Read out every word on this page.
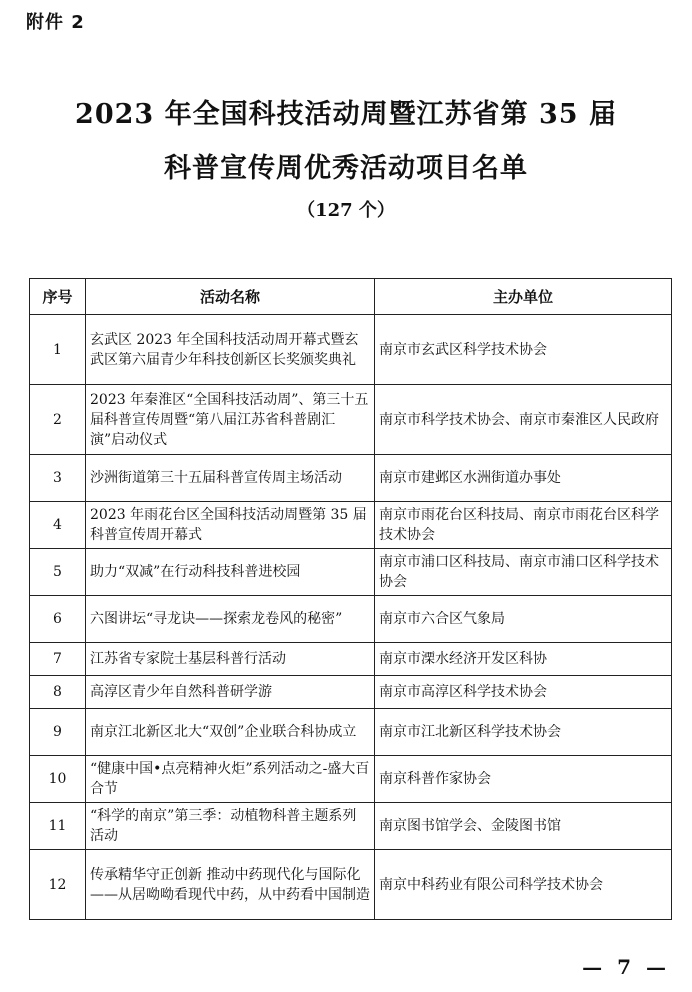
附件 2
2023 年全国科技活动周暨江苏省第 35 届
科普宣传周优秀活动项目名单
（127 个）
序号	活动名称	主办单位
1	玄武区 2023 年全国科技活动周开幕式暨玄武区第六届青少年科技创新区长奖颁奖典礼	南京市玄武区科学技术协会
2	2023 年秦淮区“全国科技活动周”、第三十五届科普宣传周暨“第八届江苏省科普剧汇演”启动仪式	南京市科学技术协会、南京市秦淮区人民政府
3	沙洲街道第三十五届科普宣传周主场活动	南京市建邺区水洲街道办事处
4	2023 年雨花台区全国科技活动周暨第 35 届科普宣传周开幕式	南京市雨花台区科技局、南京市雨花台区科学技术协会
5	助力“双减”在行动科技科普进校园	南京市浦口区科技局、南京市浦口区科学技术协会
6	六图讲坛“寻龙诀——探索龙卷风的秘密”	南京市六合区气象局
7	江苏省专家院士基层科普行活动	南京市溧水经济开发区科协
8	高淳区青少年自然科普研学游	南京市高淳区科学技术协会
9	南京江北新区北大“双创”企业联合科协成立	南京市江北新区科学技术协会
10	“健康中国•点亮精神火炬”系列活动之-盛大百合节	南京科普作家协会
11	“科学的南京”第三季：动植物科普主题系列活动	南京图书馆学会、金陵图书馆
12	传承精华守正创新 推动中药现代化与国际化——从居呦呦看现代中药，从中药看中国制造	南京中科药业有限公司科学技术协会
— 7 —
